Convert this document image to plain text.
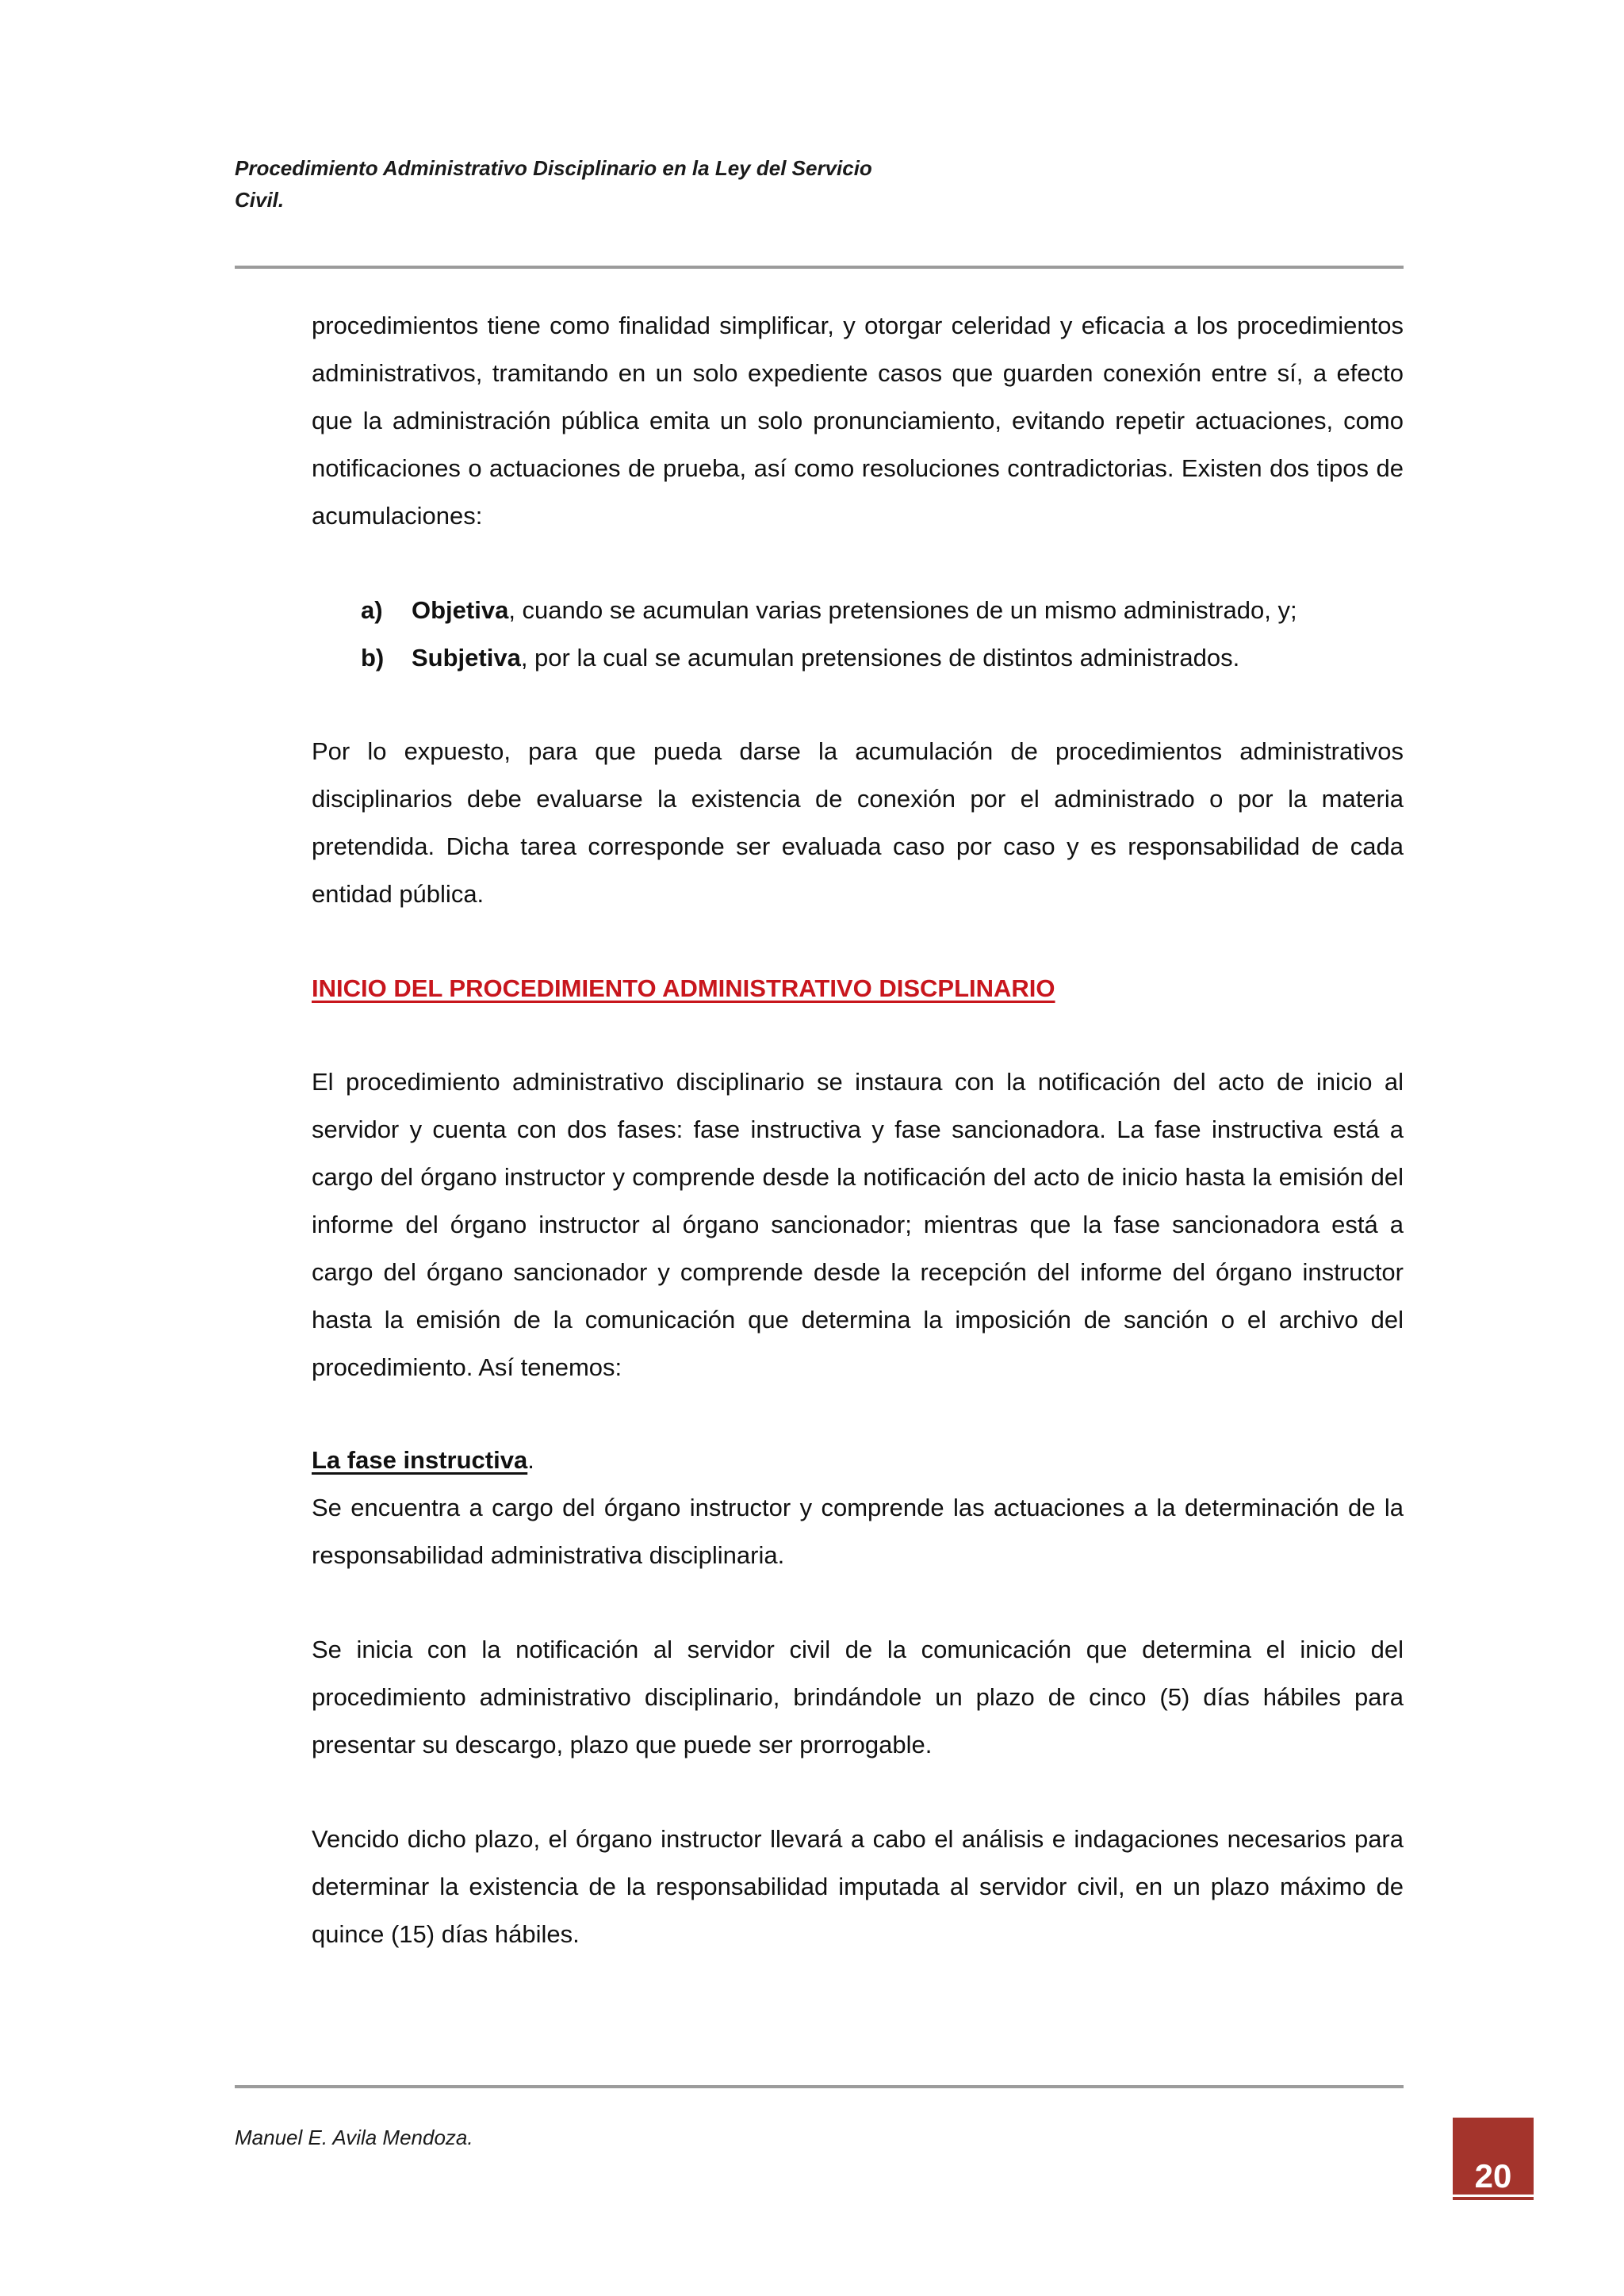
Procedimiento Administrativo Disciplinario en la Ley del Servicio
Civil.
procedimientos tiene como finalidad simplificar, y otorgar celeridad y eficacia a los procedimientos administrativos, tramitando en un solo expediente casos que guarden conexión entre sí, a efecto que la administración pública emita un solo pronunciamiento, evitando repetir actuaciones, como notificaciones o actuaciones de prueba, así como resoluciones contradictorias. Existen dos tipos de acumulaciones:
a) Objetiva, cuando se acumulan varias pretensiones de un mismo administrado, y;
b) Subjetiva, por la cual se acumulan pretensiones de distintos administrados.
Por lo expuesto, para que pueda darse la acumulación de procedimientos administrativos disciplinarios debe evaluarse la existencia de conexión por el administrado o por la materia pretendida. Dicha tarea corresponde ser evaluada caso por caso y es responsabilidad de cada entidad pública.
INICIO DEL PROCEDIMIENTO ADMINISTRATIVO DISCPLINARIO
El procedimiento administrativo disciplinario se instaura con la notificación del acto de inicio al servidor y cuenta con dos fases: fase instructiva y fase sancionadora. La fase instructiva está a cargo del órgano instructor y comprende desde la notificación del acto de inicio hasta la emisión del informe del órgano instructor al órgano sancionador; mientras que la fase sancionadora está a cargo del órgano sancionador y comprende desde la recepción del informe del órgano instructor hasta la emisión de la comunicación que determina la imposición de sanción o el archivo del procedimiento. Así tenemos:
La fase instructiva.
Se encuentra a cargo del órgano instructor y comprende las actuaciones a la determinación de la responsabilidad administrativa disciplinaria.
Se inicia con la notificación al servidor civil de la comunicación que determina el inicio del procedimiento administrativo disciplinario, brindándole un plazo de cinco (5) días hábiles para presentar su descargo, plazo que puede ser prorrogable.
Vencido dicho plazo, el órgano instructor llevará a cabo el análisis e indagaciones necesarios para determinar la existencia de la responsabilidad imputada al servidor civil, en un plazo máximo de quince (15) días hábiles.
Manuel E. Avila Mendoza.
20
